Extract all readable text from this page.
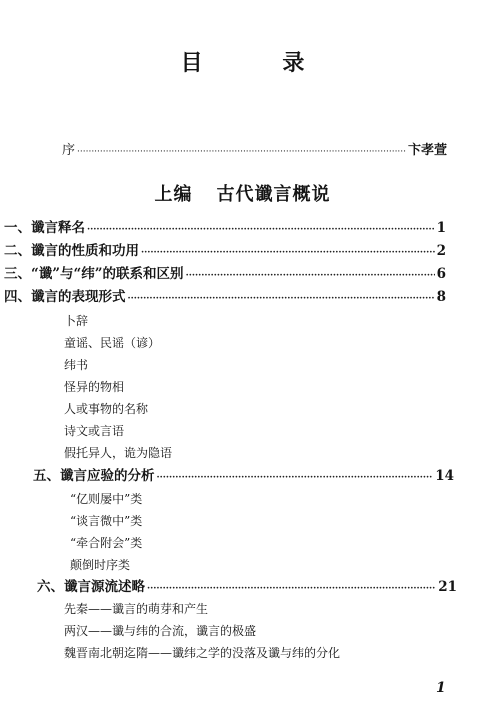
目 录
序 ·····	卞孝萱
上编 古代谶言概说
一、谶言释名 ·····	1
二、谶言的性质和功用 ·····	2
三、“谶”与“纬”的联系和区别 ·····	6
四、谶言的表现形式 ·····	8
卜辞
童谣、民谣（谚）
纬书
怪异的物相
人或事物的名称
诗文或言语
假托异人，诡为隐语
五、谶言应验的分析 ·····	14
“亿则屡中”类
“谈言微中”类
“牵合附会”类
颠倒时序类
六、谶言源流述略 ·····	21
先秦——谶言的萌芽和产生
两汉——谶与纬的合流，谶言的极盛
魏晋南北朝迄隋——谶纬之学的没落及谶与纬的分化
1
